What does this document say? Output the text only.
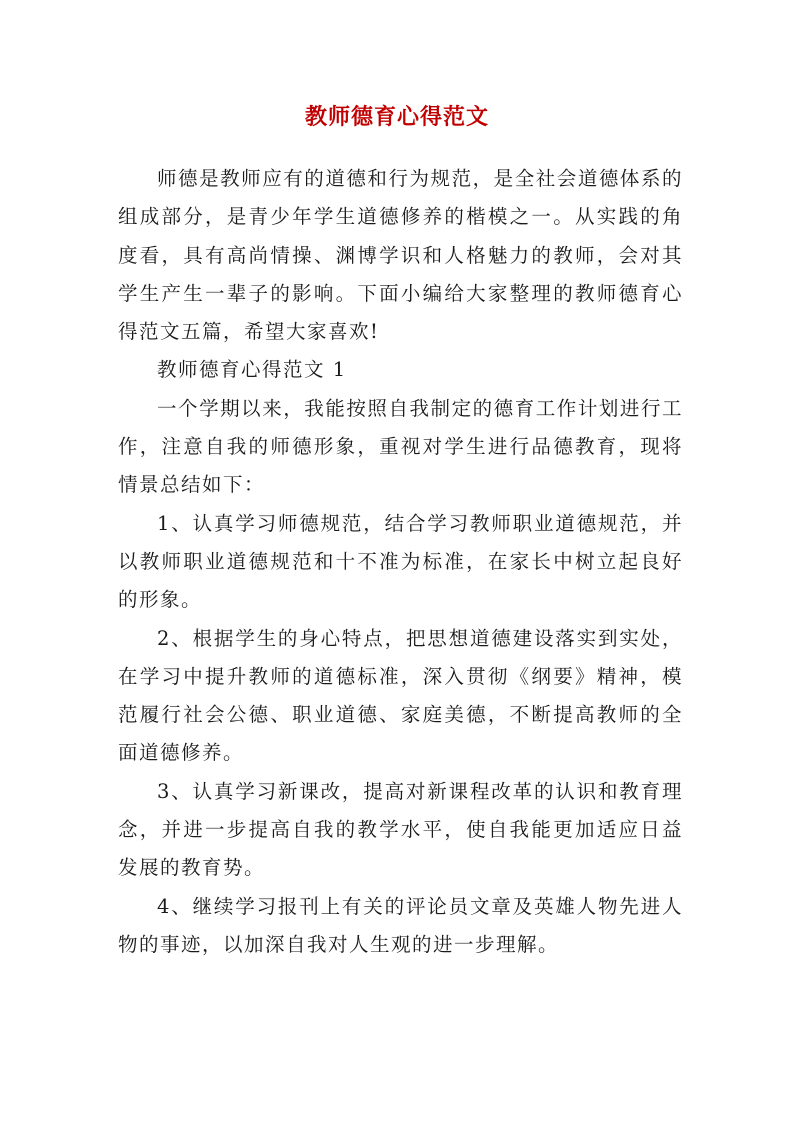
教师德育心得范文

师德是教师应有的道德和行为规范，是全社会道德体系的组成部分，是青少年学生道德修养的楷模之一。从实践的角度看，具有高尚情操、渊博学识和人格魅力的教师，会对其学生产生一辈子的影响。下面小编给大家整理的教师德育心得范文五篇，希望大家喜欢!

教师德育心得范文 1

一个学期以来，我能按照自我制定的德育工作计划进行工作，注意自我的师德形象，重视对学生进行品德教育，现将情景总结如下：

1、认真学习师德规范，结合学习教师职业道德规范，并以教师职业道德规范和十不准为标准，在家长中树立起良好的形象。

2、根据学生的身心特点，把思想道德建设落实到实处，在学习中提升教师的道德标准，深入贯彻《纲要》精神，模范履行社会公德、职业道德、家庭美德，不断提高教师的全面道德修养。

3、认真学习新课改，提高对新课程改革的认识和教育理念，并进一步提高自我的教学水平，使自我能更加适应日益发展的教育势。

4、继续学习报刊上有关的评论员文章及英雄人物先进人物的事迹，以加深自我对人生观的进一步理解。
